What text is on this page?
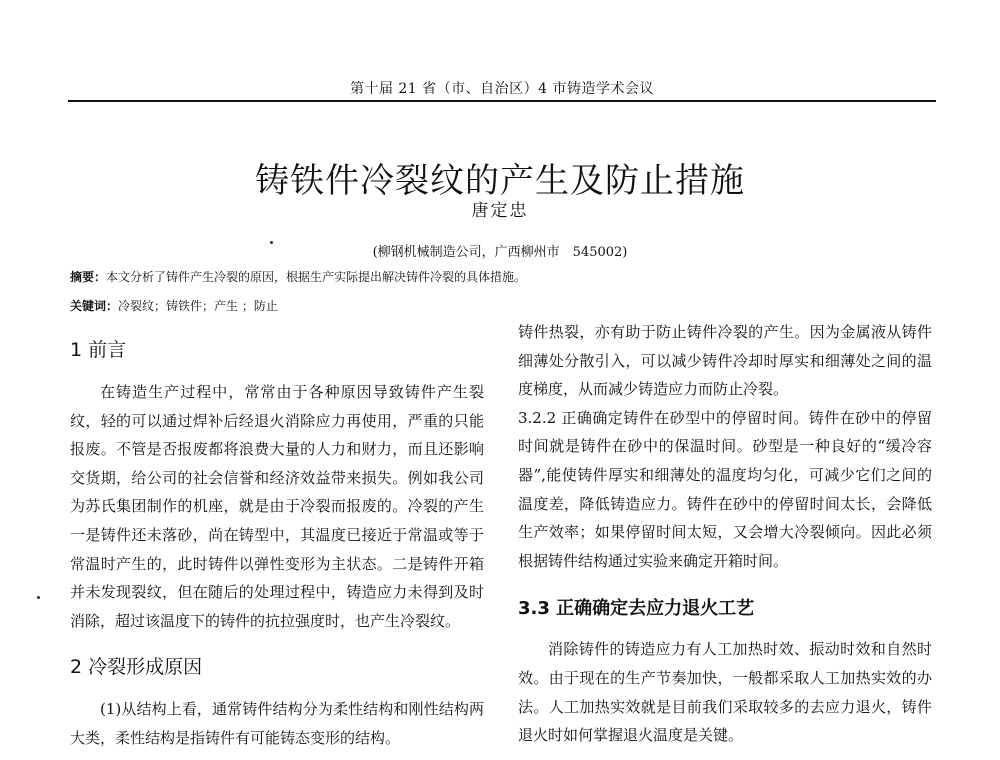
第十届 21 省（市、自治区）4 市铸造学术会议
铸铁件冷裂纹的产生及防止措施
唐定忠
(柳钢机械制造公司，广西柳州市　545002)
摘要：本文分析了铸件产生冷裂的原因，根据生产实际提出解决铸件冷裂的具体措施。
关键词：冷裂纹；铸铁件；产生 ；防止
1 前言

在铸造生产过程中，常常由于各种原因导致铸件产生裂纹，轻的可以通过焊补后经退火消除应力再使用，严重的只能报废。不管是否报废都将浪费大量的人力和财力，而且还影响交货期，给公司的社会信誉和经济效益带来损失。例如我公司为苏氏集团制作的机座，就是由于冷裂而报废的。冷裂的产生一是铸件还未落砂，尚在铸型中，其温度已接近于常温或等于常温时产生的，此时铸件以弹性变形为主状态。二是铸件开箱并未发现裂纹，但在随后的处理过程中，铸造应力未得到及时消除，超过该温度下的铸件的抗拉强度时，也产生冷裂纹。

2 冷裂形成原因

(1)从结构上看，通常铸件结构分为柔性结构和刚性结构两大类，柔性结构是指铸件有可能铸态变形的结构。

铸件热裂，亦有助于防止铸件冷裂的产生。因为金属液从铸件细薄处分散引入，可以减少铸件冷却时厚实和细薄处之间的温度梯度，从而减少铸造应力而防止冷裂。

3.2.2 正确确定铸件在砂型中的停留时间。铸件在砂中的停留时间就是铸件在砂中的保温时间。砂型是一种良好的“缓冷容器”,能使铸件厚实和细薄处的温度均匀化，可减少它们之间的温度差，降低铸造应力。铸件在砂中的停留时间太长，会降低生产效率；如果停留时间太短，又会增大冷裂倾向。因此必须根据铸件结构通过实验来确定开箱时间。

3.3 正确确定去应力退火工艺

消除铸件的铸造应力有人工加热时效、振动时效和自然时效。由于现在的生产节奏加快，一般都采取人工加热实效的办法。人工加热实效就是目前我们采取较多的去应力退火，铸件退火时如何掌握退火温度是关键。
